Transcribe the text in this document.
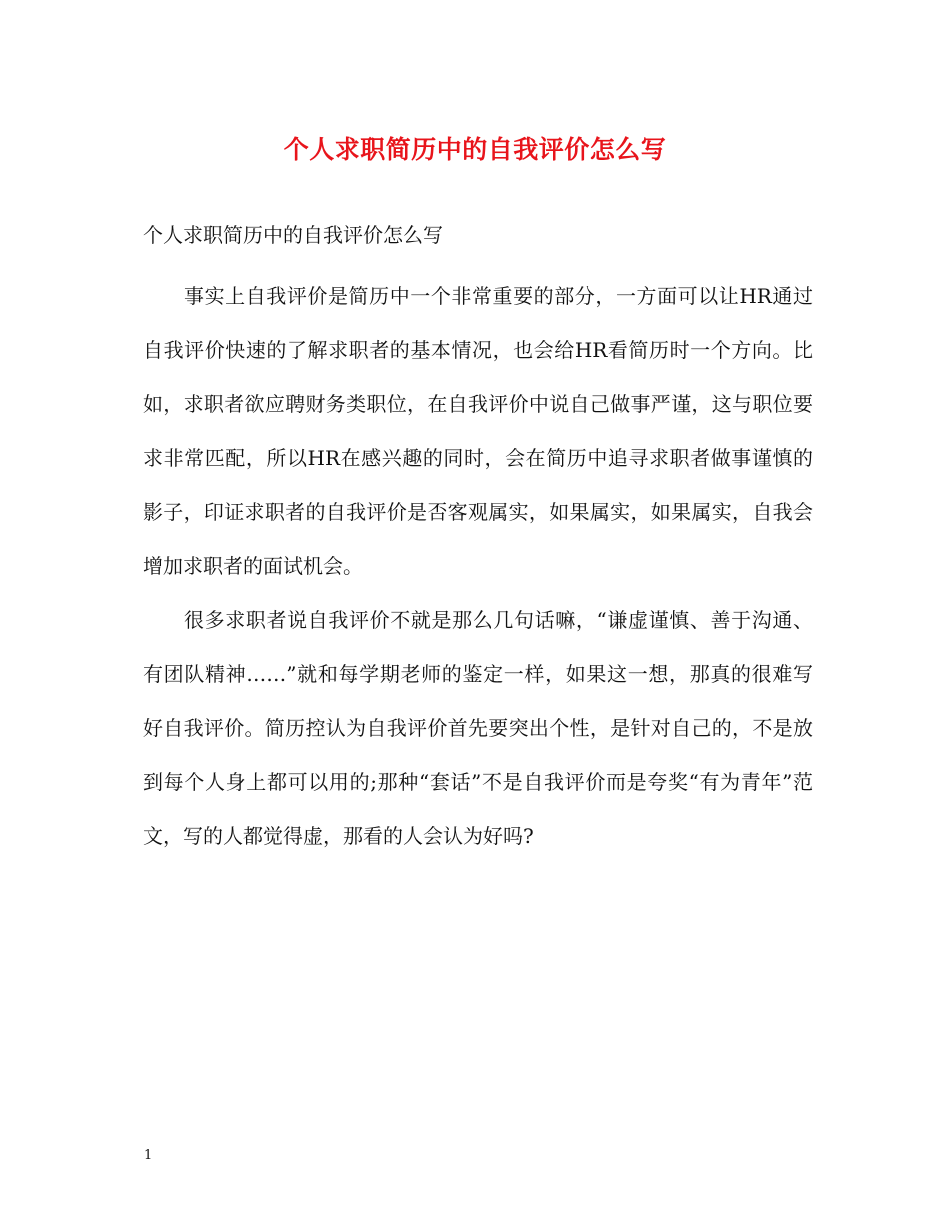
个人求职简历中的自我评价怎么写

个人求职简历中的自我评价怎么写

事实上自我评价是简历中一个非常重要的部分，一方面可以让HR通过自我评价快速的了解求职者的基本情况，也会给HR看简历时一个方向。比如，求职者欲应聘财务类职位，在自我评价中说自己做事严谨，这与职位要求非常匹配，所以HR在感兴趣的同时，会在简历中追寻求职者做事谨慎的影子，印证求职者的自我评价是否客观属实，如果属实，如果属实，自我会增加求职者的面试机会。

很多求职者说自我评价不就是那么几句话嘛，“谦虚谨慎、善于沟通、有团队精神……”就和每学期老师的鉴定一样，如果这一想，那真的很难写好自我评价。简历控认为自我评价首先要突出个性，是针对自己的，不是放到每个人身上都可以用的;那种“套话”不是自我评价而是夸奖“有为青年”范文，写的人都觉得虚，那看的人会认为好吗?

1
